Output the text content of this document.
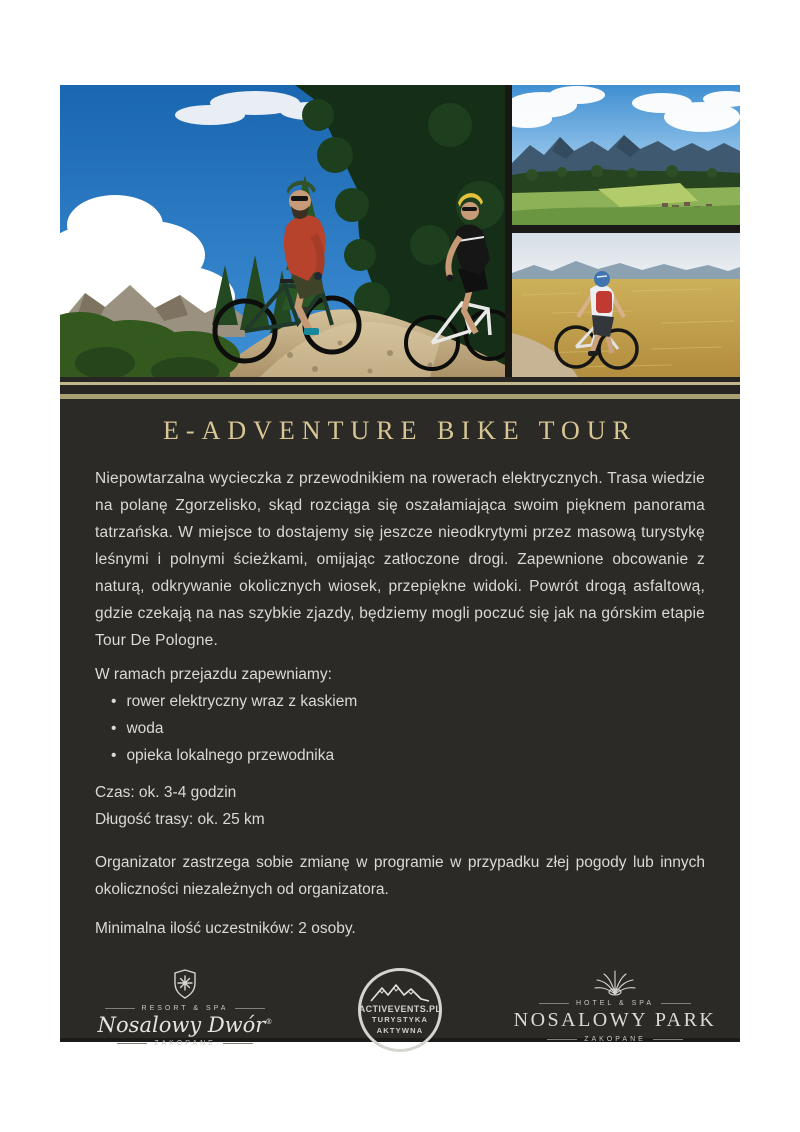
E-ADVENTURE BIKE TOUR

Niepowtarzalna wycieczka z przewodnikiem na rowerach elektrycznych. Trasa wiedzie na polanę Zgorzelisko, skąd rozciąga się oszałamiająca swoim pięknem panorama tatrzańska. W miejsce to dostajemy się jeszcze nieodkrytymi przez masową turystykę leśnymi i polnymi ścieżkami, omijając zatłoczone drogi. Zapewnione obcowanie z naturą, odkrywanie okolicznych wiosek, przepiękne widoki. Powrót drogą asfaltową, gdzie czekają na nas szybkie zjazdy, będziemy mogli poczuć się jak na górskim etapie Tour De Pologne.

W ramach przejazdu zapewniamy:

• rower elektryczny wraz z kaskiem
• woda
• opieka lokalnego przewodnika

Czas: ok. 3-4 godzin

Długość trasy: ok. 25 km

Organizator zastrzega sobie zmianę w programie w przypadku złej pogody lub innych okoliczności niezależnych od organizatora.

Minimalna ilość uczestników: 2 osoby.

RESORT & SPA
Nosalowy Dwór®
ZAKOPANE
ACTIVEVENTS.PL
TURYSTYKA
AKTYWNA
HOTEL & SPA
NOSALOWY PARK
ZAKOPANE
